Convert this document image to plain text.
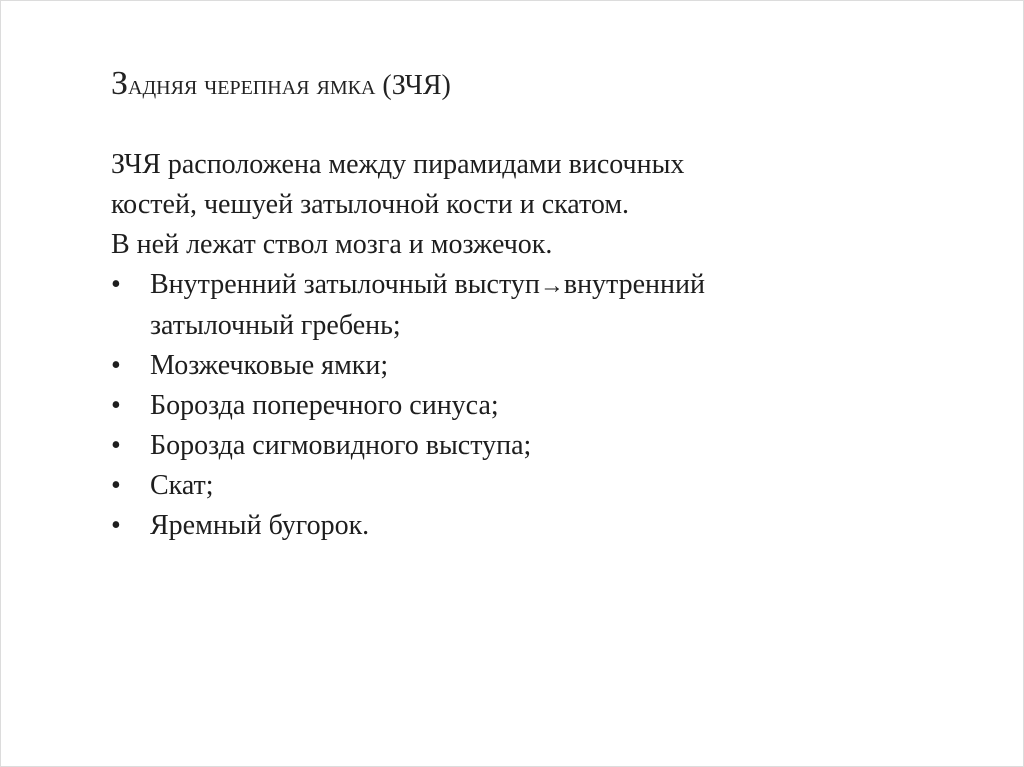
Задняя черепная ямка (ЗЧЯ)

ЗЧЯ расположена между пирамидами височных

костей, чешуей затылочной кости и скатом.

В ней лежат ствол мозга и мозжечок.

• Внутренний затылочный выступ→внутренний
затылочный гребень;
• Мозжечковые ямки;
• Борозда поперечного синуса;
• Борозда сигмовидного выступа;
• Скат;
• Яремный бугорок.
